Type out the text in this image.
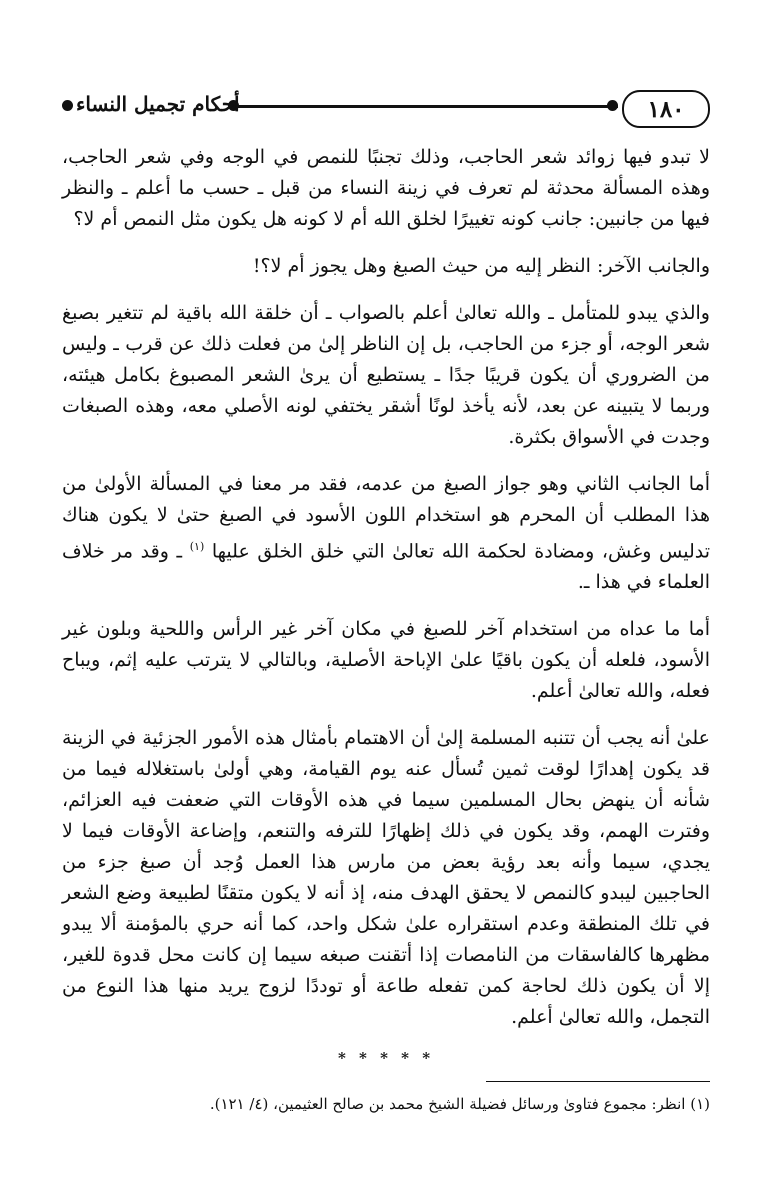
١٨٠
أحكام تجميل النساء

لا تبدو فيها زوائد شعر الحاجب، وذلك تجنبًا للنمص في الوجه وفي شعر الحاجب، وهذه المسألة محدثة لم تعرف في زينة النساء من قبل ـ حسب ما أعلم ـ والنظر فيها من جانبين: جانب كونه تغييرًا لخلق الله أم لا كونه هل يكون مثل النمص أم لا؟

والجانب الآخر: النظر إليه من حيث الصبغ وهل يجوز أم لا؟!

والذي يبدو للمتأمل ـ والله تعالىٰ أعلم بالصواب ـ أن خلقة الله باقية لم تتغير بصبغ شعر الوجه، أو جزء من الحاجب، بل إن الناظر إلىٰ من فعلت ذلك عن قرب ـ وليس من الضروري أن يكون قريبًا جدًا ـ يستطيع أن يرىٰ الشعر المصبوغ بكامل هيئته، وربما لا يتبينه عن بعد، لأنه يأخذ لونًا أشقر يختفي لونه الأصلي معه، وهذه الصبغات وجدت في الأسواق بكثرة.

أما الجانب الثاني وهو جواز الصبغ من عدمه، فقد مر معنا في المسألة الأولىٰ من هذا المطلب أن المحرم هو استخدام اللون الأسود في الصبغ حتىٰ لا يكون هناك تدليس وغش، ومضادة لحكمة الله تعالىٰ التي خلق الخلق عليها $^{(١)}$ ـ وقد مر خلاف العلماء في هذا ـ.

أما ما عداه من استخدام آخر للصبغ في مكان آخر غير الرأس واللحية وبلون غير الأسود، فلعله أن يكون باقيًا علىٰ الإباحة الأصلية، وبالتالي لا يترتب عليه إثم، ويباح فعله، والله تعالىٰ أعلم.

علىٰ أنه يجب أن تتنبه المسلمة إلىٰ أن الاهتمام بأمثال هذه الأمور الجزئية في الزينة قد يكون إهدارًا لوقت ثمين تُسأل عنه يوم القيامة، وهي أولىٰ باستغلاله فيما من شأنه أن ينهض بحال المسلمين سيما في هذه الأوقات التي ضعفت فيه العزائم، وفترت الهمم، وقد يكون في ذلك إظهارًا للترفه والتنعم، وإضاعة الأوقات فيما لا يجدي، سيما وأنه بعد رؤية بعض من مارس هذا العمل وُجد أن صبغ جزء من الحاجبين ليبدو كالنمص لا يحقق الهدف منه، إذ أنه لا يكون متقنًا لطبيعة وضع الشعر في تلك المنطقة وعدم استقراره علىٰ شكل واحد، كما أنه حري بالمؤمنة ألا يبدو مظهرها كالفاسقات من النامصات إذا أتقنت صبغه سيما إن كانت محل قدوة للغير، إلا أن يكون ذلك لحاجة كمن تفعله طاعة أو توددًا لزوج يريد منها هذا النوع من التجمل، والله تعالىٰ أعلم.

* * * * *

(١) انظر: مجموع فتاوىٰ ورسائل فضيلة الشيخ محمد بن صالح العثيمين، (٤/ ١٢١).
